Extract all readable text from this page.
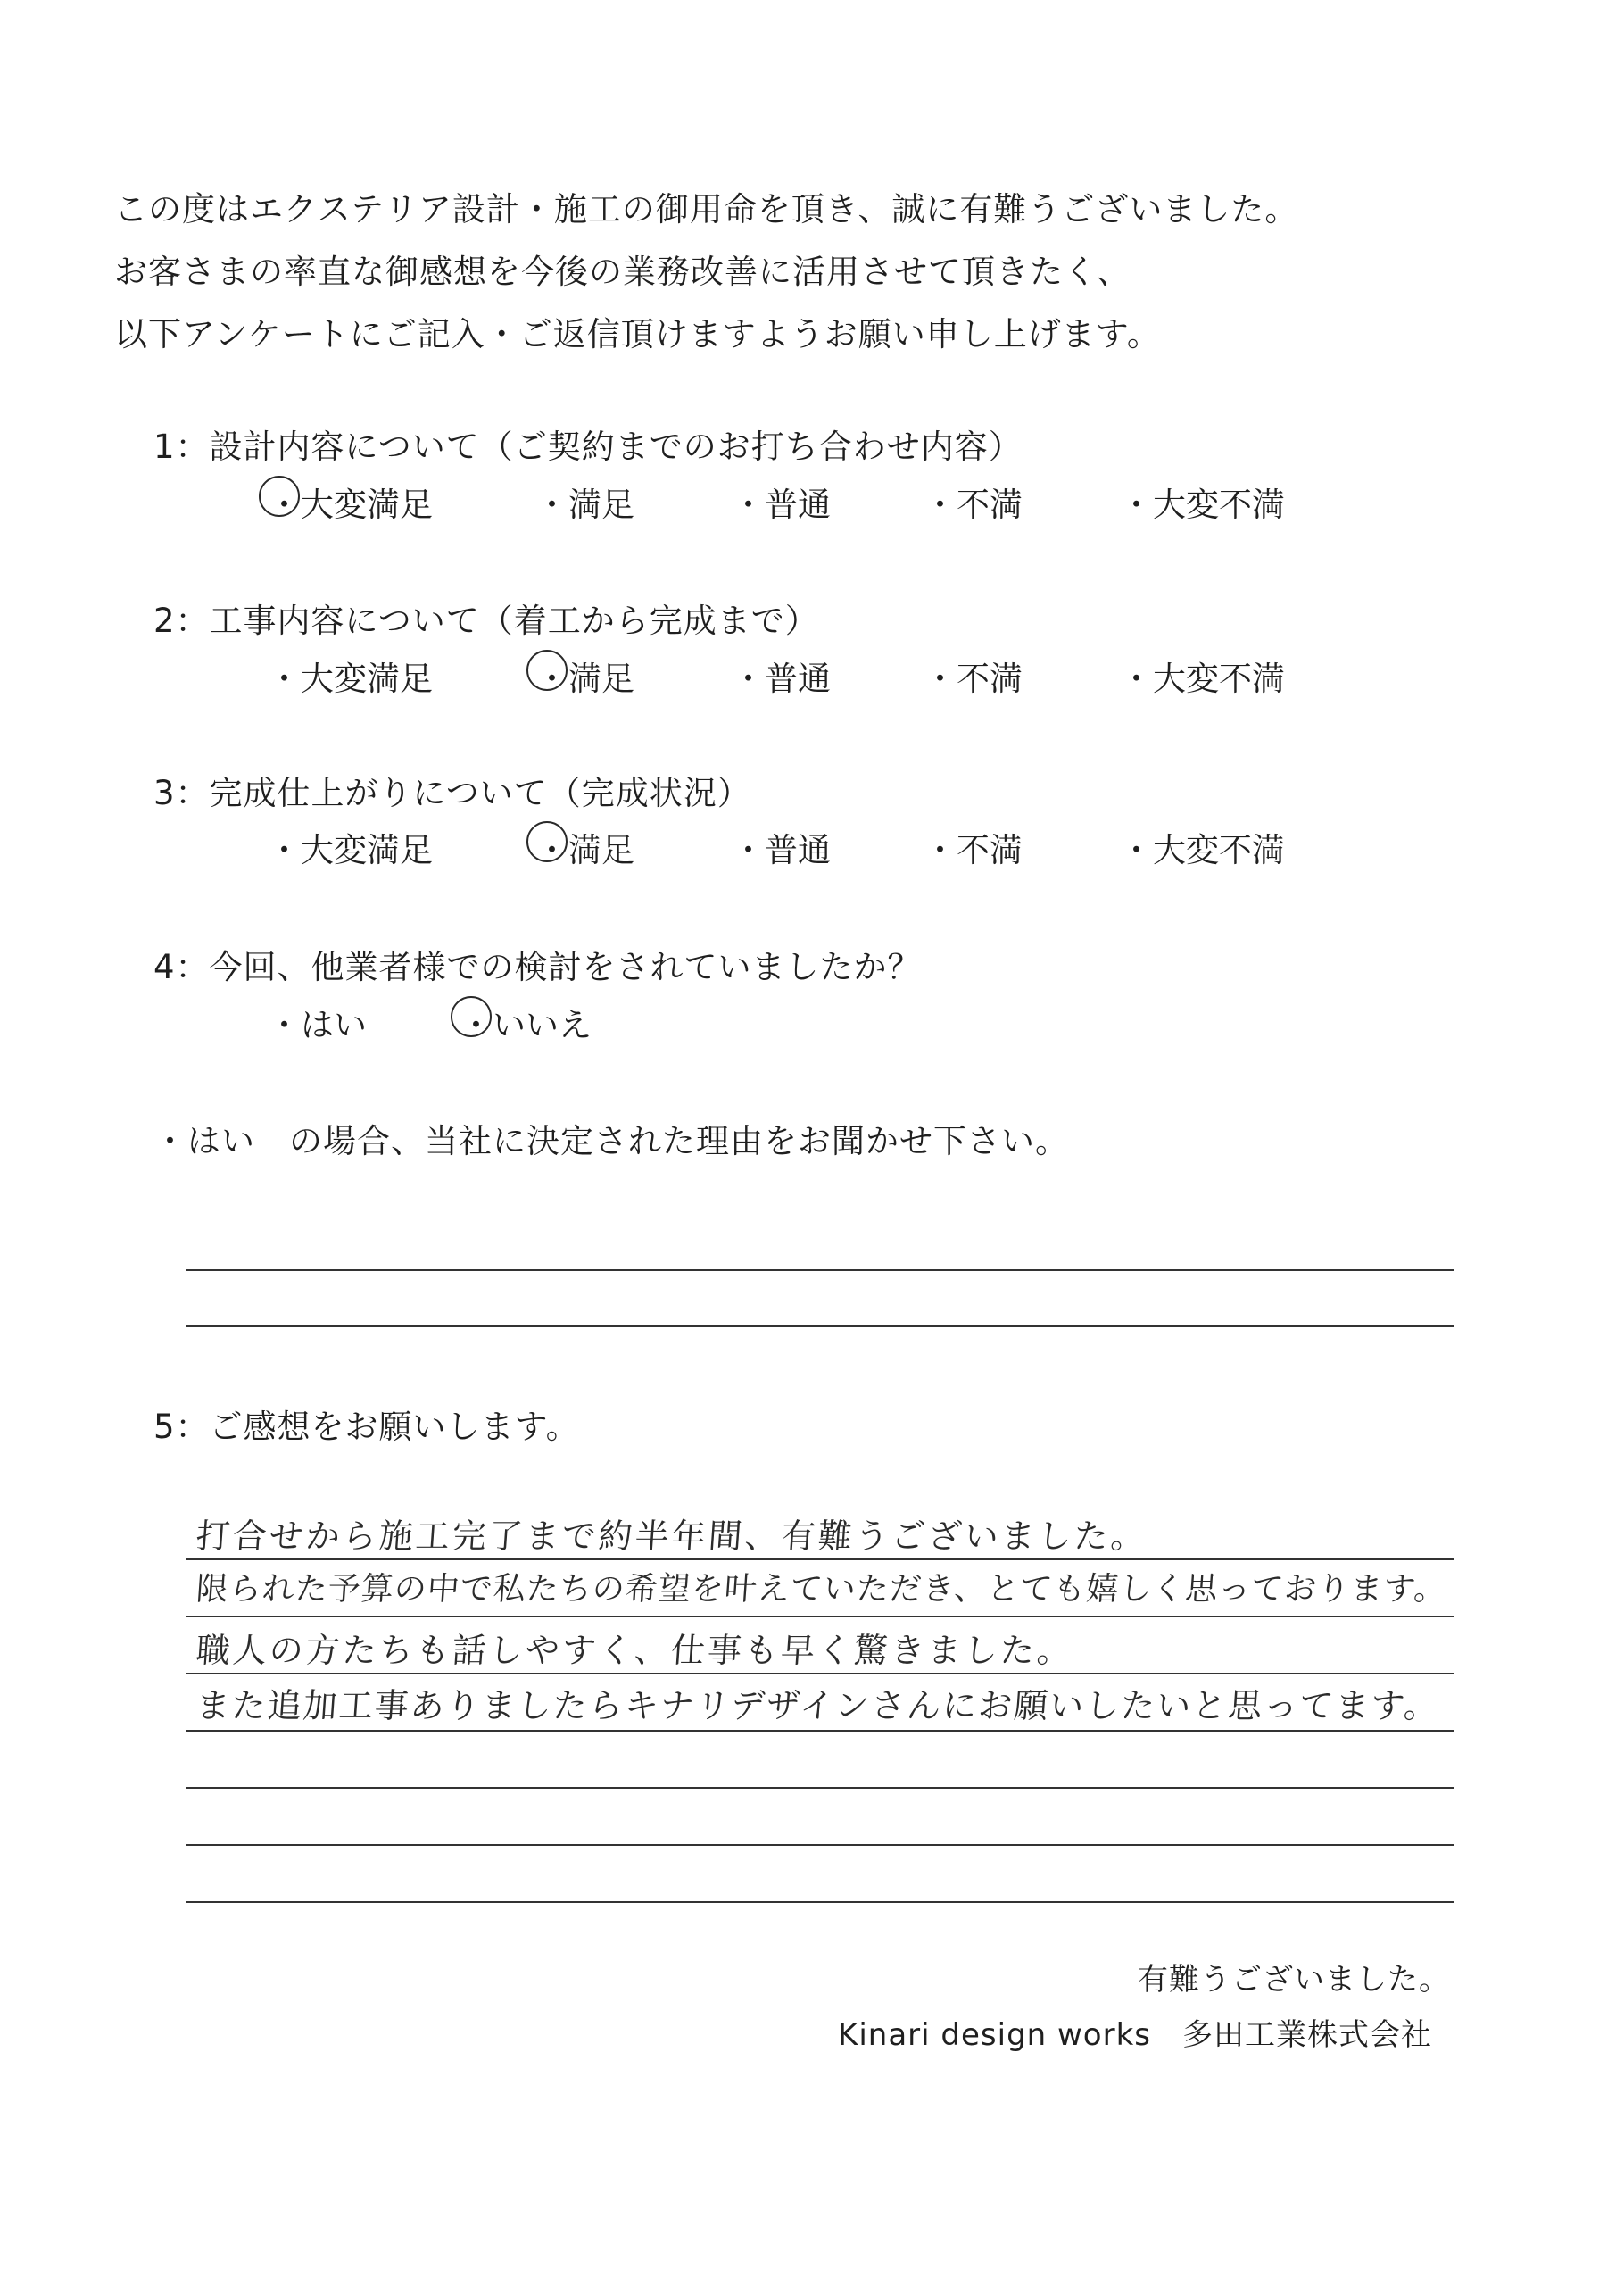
この度はエクステリア設計・施工の御用命を頂き、誠に有難うございました。

お客さまの率直な御感想を今後の業務改善に活用させて頂きたく、

以下アンケートにご記入・ご返信頂けますようお願い申し上げます。

1：設計内容について（ご契約までのお打ち合わせ内容）
・大変満足	・満足	・普通	・不満	・大変不満
2：工事内容について（着工から完成まで）
・大変満足	・満足	・普通	・不満	・大変不満
3：完成仕上がりについて（完成状況）
・大変満足	・満足	・普通	・不満	・大変不満
4：今回、他業者様での検討をされていましたか？
・はい	・いいえ
・はい　の場合、当社に決定された理由をお聞かせ下さい。
5：ご感想をお願いします。
打合せから施工完了まで約半年間、有難うございました。
限られた予算の中で私たちの希望を叶えていただき、とても嬉しく思っております。
職人の方たちも話しやすく、仕事も早く驚きました。
また追加工事ありましたらキナリデザインさんにお願いしたいと思ってます。
有難うございました。
Kinari design works　多田工業株式会社
